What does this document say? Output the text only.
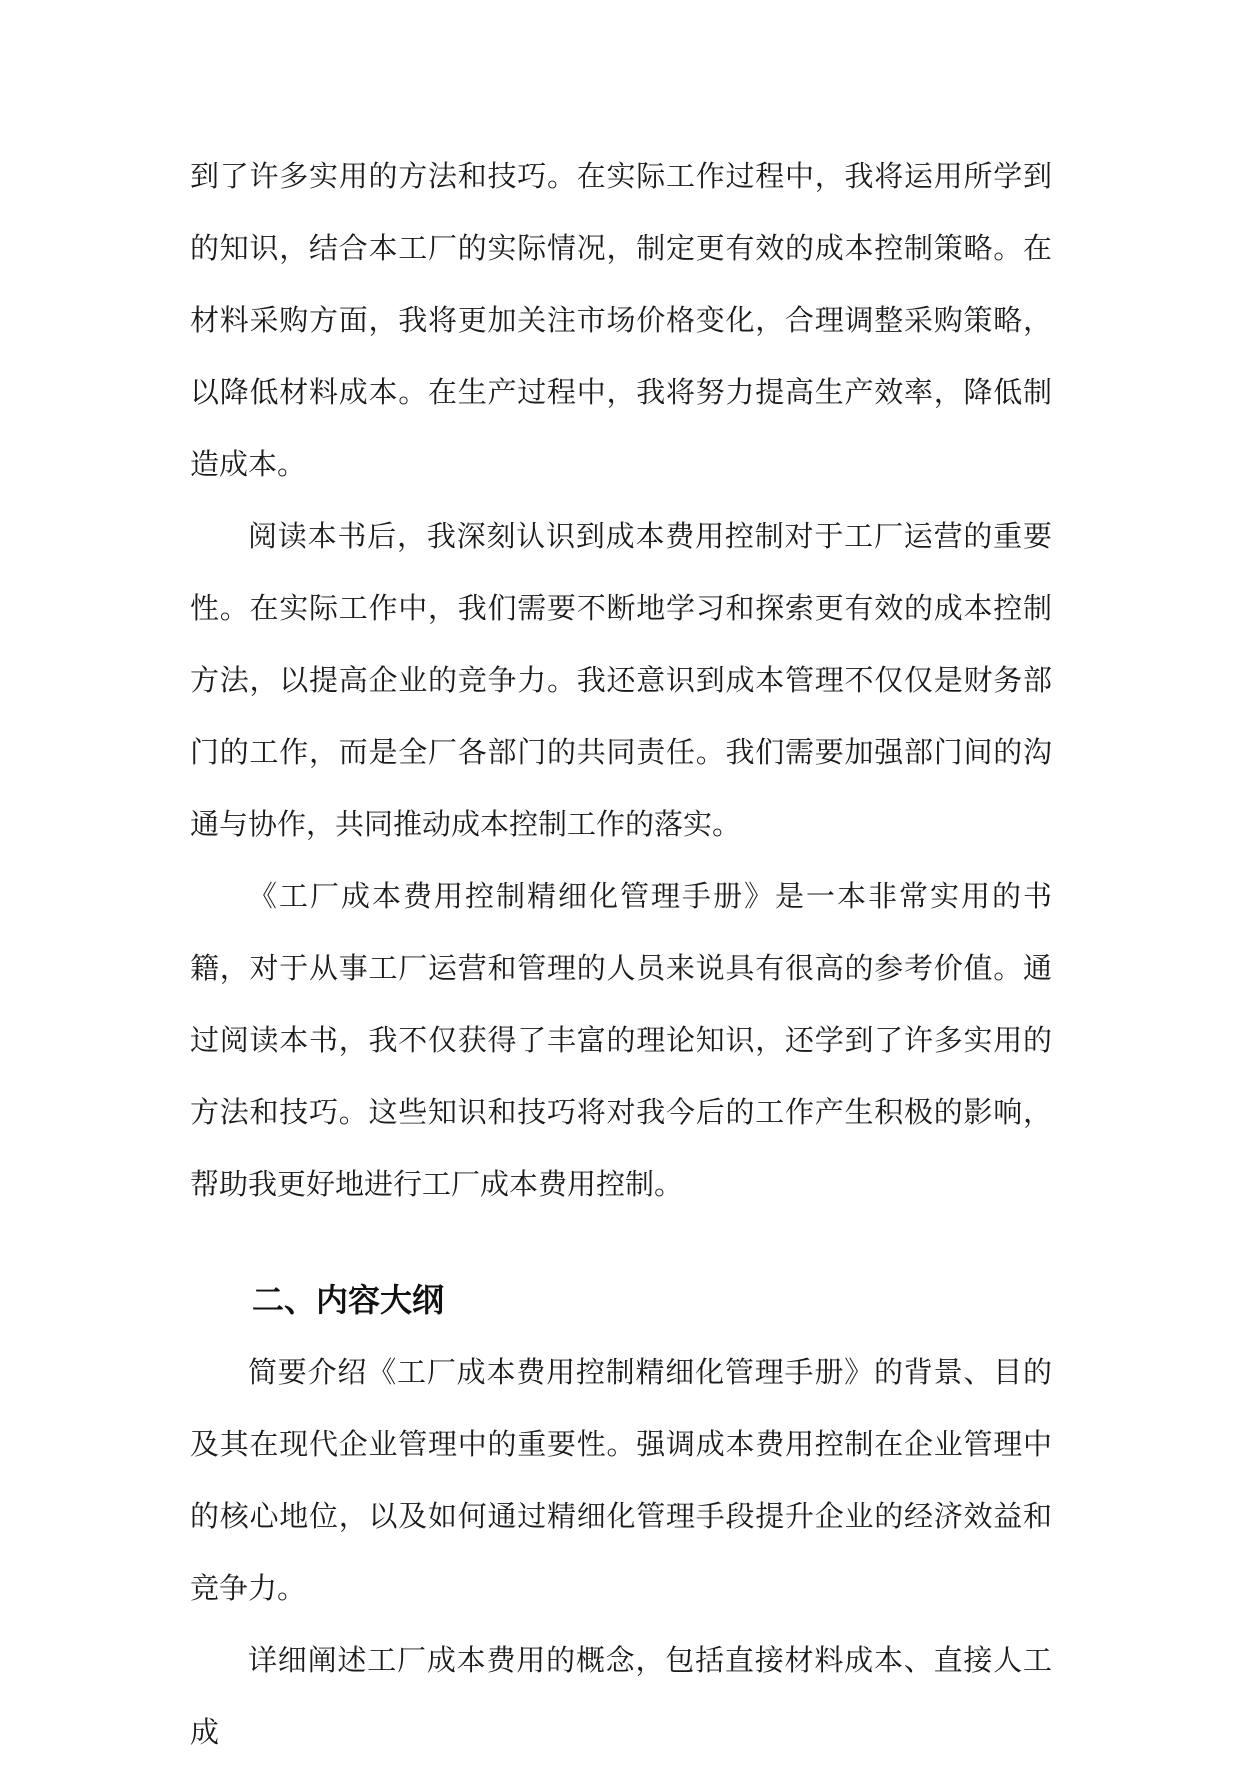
到了许多实用的方法和技巧。在实际工作过程中，我将运用所学到的知识，结合本工厂的实际情况，制定更有效的成本控制策略。在材料采购方面，我将更加关注市场价格变化，合理调整采购策略，以降低材料成本。在生产过程中，我将努力提高生产效率，降低制造成本。

阅读本书后，我深刻认识到成本费用控制对于工厂运营的重要性。在实际工作中，我们需要不断地学习和探索更有效的成本控制方法，以提高企业的竞争力。我还意识到成本管理不仅仅是财务部门的工作，而是全厂各部门的共同责任。我们需要加强部门间的沟通与协作，共同推动成本控制工作的落实。

《工厂成本费用控制精细化管理手册》是一本非常实用的书籍，对于从事工厂运营和管理的人员来说具有很高的参考价值。通过阅读本书，我不仅获得了丰富的理论知识，还学到了许多实用的方法和技巧。这些知识和技巧将对我今后的工作产生积极的影响，帮助我更好地进行工厂成本费用控制。

二、内容大纲

简要介绍《工厂成本费用控制精细化管理手册》的背景、目的及其在现代企业管理中的重要性。强调成本费用控制在企业管理中的核心地位，以及如何通过精细化管理手段提升企业的经济效益和竞争力。

详细阐述工厂成本费用的概念，包括直接材料成本、直接人工成
